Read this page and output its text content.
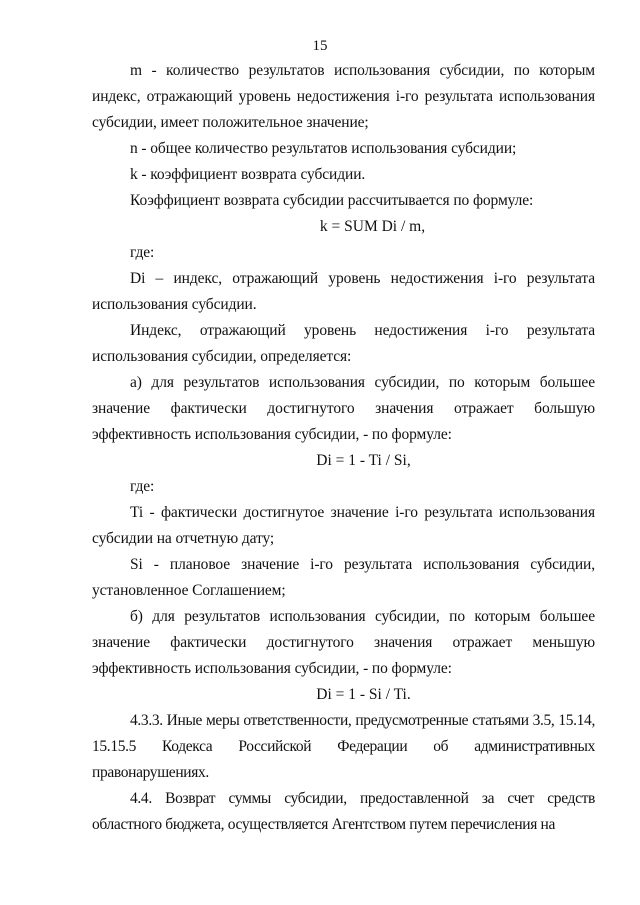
15

m - количество результатов использования субсидии, по которым индекс, отражающий уровень недостижения i-го результата использования субсидии, имеет положительное значение;

n - общее количество результатов использования субсидии;

k - коэффициент возврата субсидии.

Коэффициент возврата субсидии рассчитывается по формуле:

k = SUM Di / m,

где:

Di – индекс, отражающий уровень недостижения i-го результата использования субсидии.

Индекс, отражающий уровень недостижения i-го результата использования субсидии, определяется:

а) для результатов использования субсидии, по которым большее значение фактически достигнутого значения отражает большую эффективность использования субсидии, - по формуле:

Di = 1 - Ti / Si,

где:

Ti - фактически достигнутое значение i-го результата использования субсидии на отчетную дату;

Si - плановое значение i-го результата использования субсидии, установленное Соглашением;

б) для результатов использования субсидии, по которым большее значение фактически достигнутого значения отражает меньшую эффективность использования субсидии, - по формуле:

Di = 1 - Si / Ti.

4.3.3. Иные меры ответственности, предусмотренные статьями 3.5, 15.14, 15.15.5 Кодекса Российской Федерации об административных правонарушениях.

4.4. Возврат суммы субсидии, предоставленной за счет средств областного бюджета, осуществляется Агентством путем перечисления на
